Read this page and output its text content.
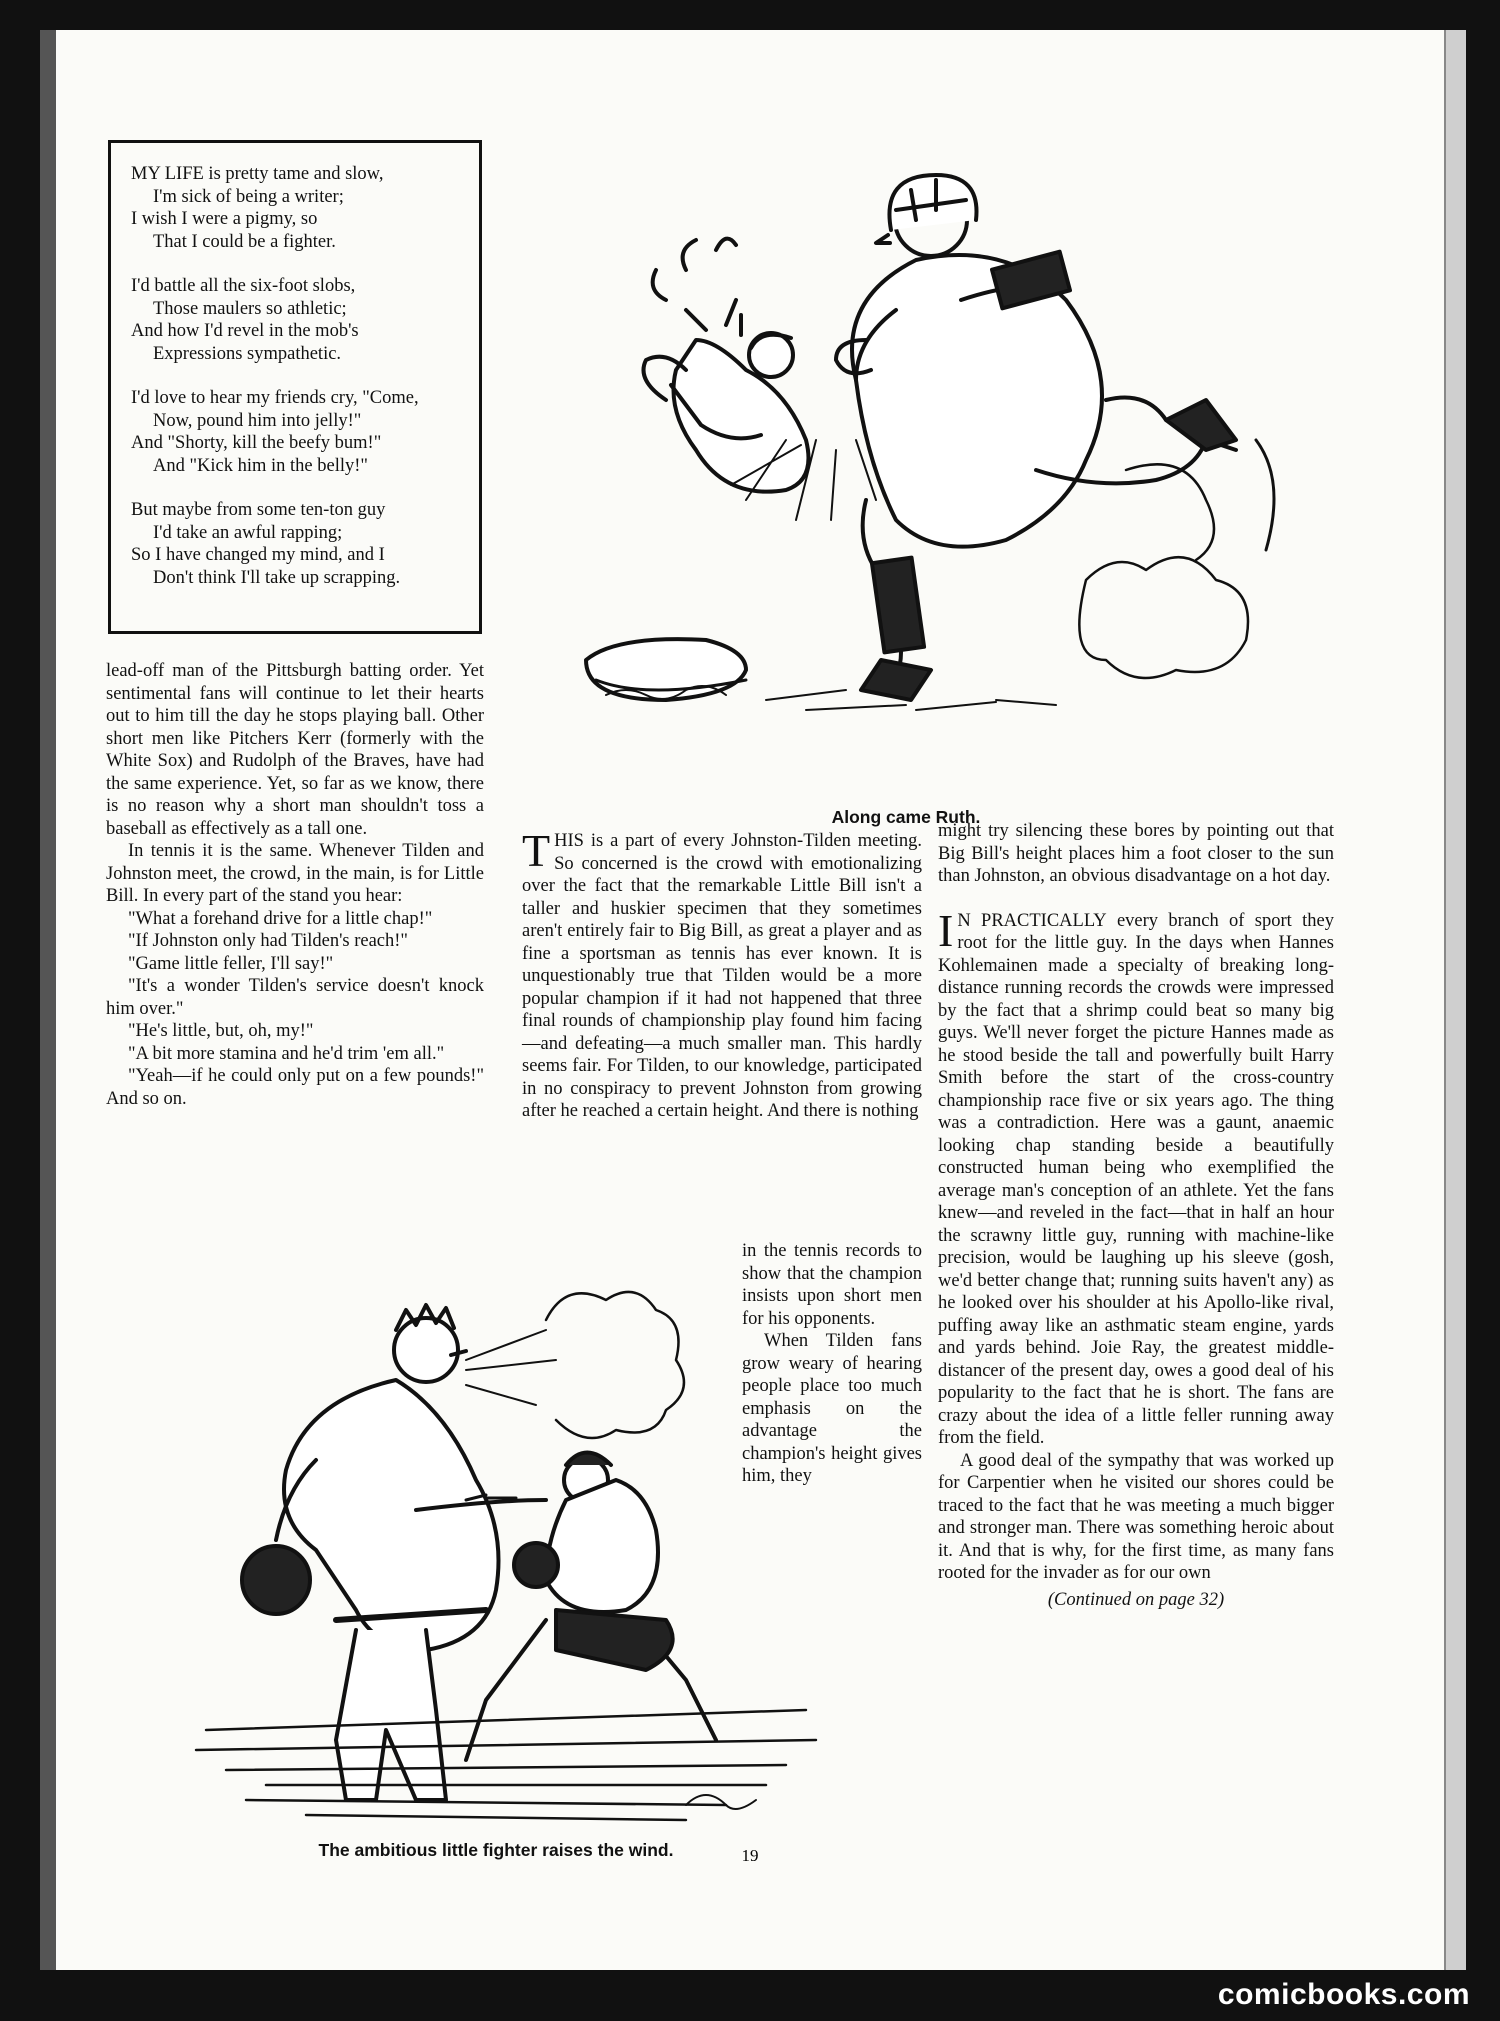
MY LIFE is pretty tame and slow,
I'm sick of being a writer;
I wish I were a pigmy, so
That I could be a fighter.
I'd battle all the six-foot slobs,
Those maulers so athletic;
And how I'd revel in the mob's
Expressions sympathetic.
I'd love to hear my friends cry, "Come,
Now, pound him into jelly!"
And "Shorty, kill the beefy bum!"
And "Kick him in the belly!"
But maybe from some ten-ton guy
I'd take an awful rapping;
So I have changed my mind, and I
Don't think I'll take up scrapping.
Along came Ruth.

lead-off man of the Pittsburgh batting order. Yet sentimental fans will continue to let their hearts out to him till the day he stops playing ball. Other short men like Pitchers Kerr (formerly with the White Sox) and Rudolph of the Braves, have had the same experience. Yet, so far as we know, there is no reason why a short man shouldn't toss a baseball as effectively as a tall one.

In tennis it is the same. Whenever Tilden and Johnston meet, the crowd, in the main, is for Little Bill. In every part of the stand you hear:

"What a forehand drive for a little chap!"

"If Johnston only had Tilden's reach!"

"Game little feller, I'll say!"

"It's a wonder Tilden's service doesn't knock him over."

"He's little, but, oh, my!"

"A bit more stamina and he'd trim 'em all."

"Yeah—if he could only put on a few pounds!" And so on.

THIS is a part of every Johnston-Tilden meeting. So concerned is the crowd with emotionalizing over the fact that the remarkable Little Bill isn't a taller and huskier specimen that they sometimes aren't entirely fair to Big Bill, as great a player and as fine a sportsman as tennis has ever known. It is unquestionably true that Tilden would be a more popular champion if it had not happened that three final rounds of championship play found him facing—and defeating—a much smaller man. This hardly seems fair. For Tilden, to our knowledge, participated in no conspiracy to prevent Johnston from growing after he reached a certain height. And there is nothing

in the tennis records to show that the champion insists upon short men for his opponents.

When Tilden fans grow weary of hearing people place too much emphasis on the advantage the champion's height gives him, they

The ambitious little fighter raises the wind.

might try silencing these bores by pointing out that Big Bill's height places him a foot closer to the sun than Johnston, an obvious disadvantage on a hot day.

I N PRACTICALLY every branch of sport they root for the little guy. In the days when Hannes Kohlemainen made a specialty of breaking long-distance running records the crowds were impressed by the fact that a shrimp could beat so many big guys. We'll never forget the picture Hannes made as he stood beside the tall and powerfully built Harry Smith before the start of the cross-country championship race five or six years ago. The thing was a contradiction. Here was a gaunt, anaemic looking chap standing beside a beautifully constructed human being who exemplified the average man's conception of an athlete. Yet the fans knew—and reveled in the fact—that in half an hour the scrawny little guy, running with machine-like precision, would be laughing up his sleeve (gosh, we'd better change that; running suits haven't any) as he looked over his shoulder at his Apollo-like rival, puffing away like an asthmatic steam engine, yards and yards behind. Joie Ray, the greatest middle-distancer of the present day, owes a good deal of his popularity to the fact that he is short. The fans are crazy about the idea of a little feller running away from the field.

A good deal of the sympathy that was worked up for Carpentier when he visited our shores could be traced to the fact that he was meeting a much bigger and stronger man. There was something heroic about it. And that is why, for the first time, as many fans rooted for the invader as for our own

(Continued on page 32)

19
comicbooks.com
